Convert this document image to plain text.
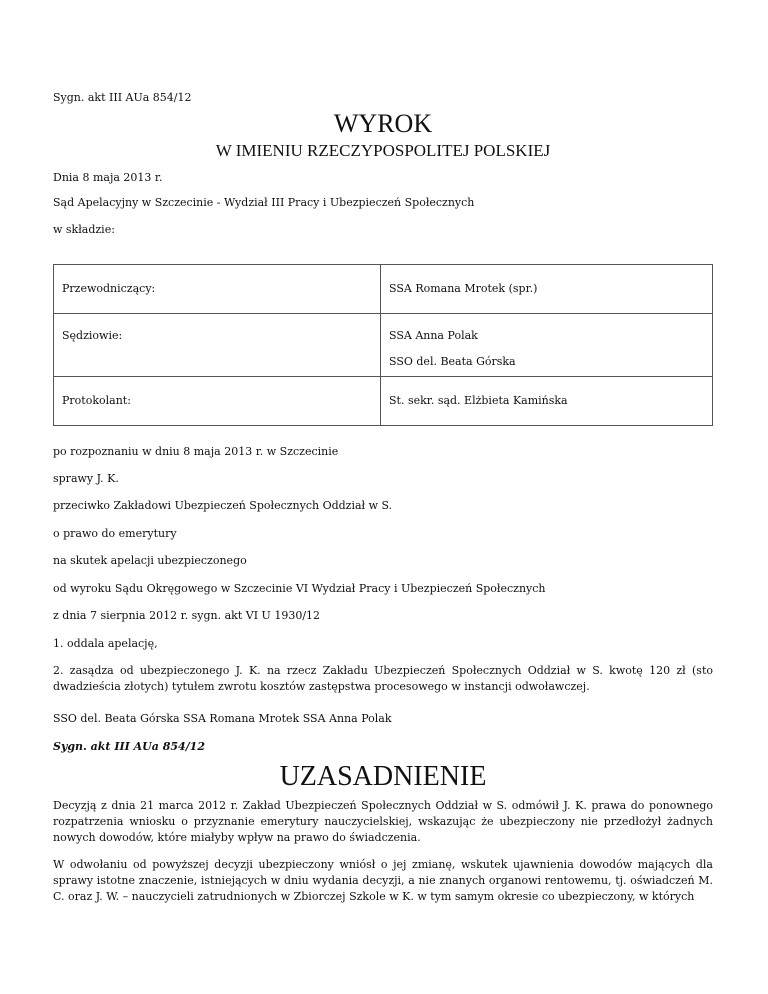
Sygn. akt III AUa 854/12

WYROK
W IMIENIU RZECZYPOSPOLITEJ POLSKIEJ

Dnia 8 maja 2013 r.

Sąd Apelacyjny w Szczecinie - Wydział III Pracy i Ubezpieczeń Społecznych

w składzie:

Przewodniczący:	SSA Romana Mrotek (spr.)

Sędziowie:	SSA Anna Polak
SSO del. Beata Górska

Protokolant:	St. sekr. sąd. Elżbieta Kamińska

po rozpoznaniu w dniu 8 maja 2013 r. w Szczecinie

sprawy J. K.

przeciwko Zakładowi Ubezpieczeń Społecznych Oddział w S.

o prawo do emerytury

na skutek apelacji ubezpieczonego

od wyroku Sądu Okręgowego w Szczecinie VI Wydział Pracy i Ubezpieczeń Społecznych

z dnia 7 sierpnia 2012 r. sygn. akt VI U 1930/12

1. oddala apelację,

2. zasądza od ubezpieczonego J. K. na rzecz Zakładu Ubezpieczeń Społecznych Oddział w S. kwotę 120 zł (sto dwadzieścia złotych) tytułem zwrotu kosztów zastępstwa procesowego w instancji odwoławczej.

SSO del. Beata Górska SSA Romana Mrotek SSA Anna Polak

Sygn. akt III AUa 854/12

UZASADNIENIE

Decyzją z dnia 21 marca 2012 r. Zakład Ubezpieczeń Społecznych Oddział w S. odmówił J. K. prawa do ponownego rozpatrzenia wniosku o przyznanie emerytury nauczycielskiej, wskazując że ubezpieczony nie przedłożył żadnych nowych dowodów, które miałyby wpływ na prawo do świadczenia.

W odwołaniu od powyższej decyzji ubezpieczony wniósł o jej zmianę, wskutek ujawnienia dowodów mających dla sprawy istotne znaczenie, istniejących w dniu wydania decyzji, a nie znanych organowi rentowemu, tj. oświadczeń M. C. oraz J. W. – nauczycieli zatrudnionych w Zbiorczej Szkole w K. w tym samym okresie co ubezpieczony, w których
